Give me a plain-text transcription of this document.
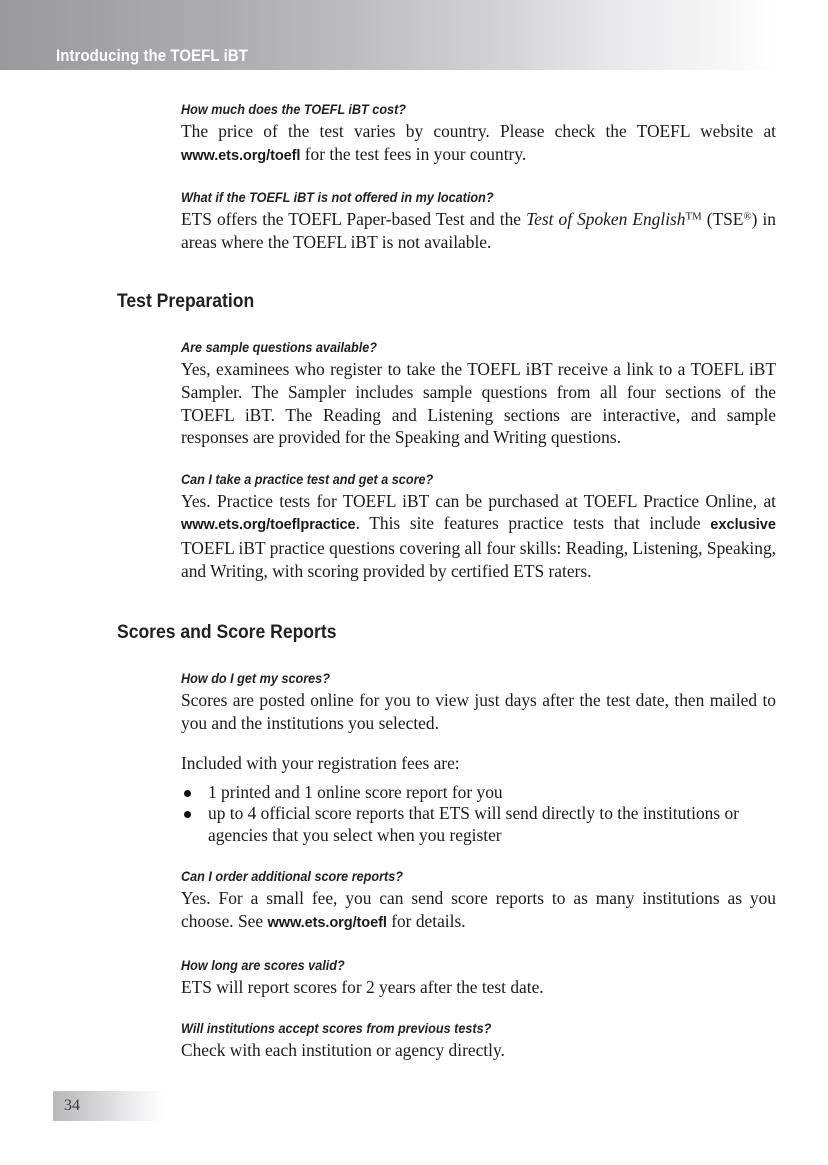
Introducing the TOEFL iBT
How much does the TOEFL iBT cost?

The price of the test varies by country. Please check the TOEFL website at www.ets.org/toefl for the test fees in your country.

What if the TOEFL iBT is not offered in my location?

ETS offers the TOEFL Paper-based Test and the Test of Spoken English™ (TSE®) in areas where the TOEFL iBT is not available.

Test Preparation
Are sample questions available?

Yes, examinees who register to take the TOEFL iBT receive a link to a TOEFL iBT Sampler. The Sampler includes sample questions from all four sections of the TOEFL iBT. The Reading and Listening sections are interactive, and sample responses are provided for the Speaking and Writing questions.

Can I take a practice test and get a score?

Yes. Practice tests for TOEFL iBT can be purchased at TOEFL Practice Online, at www.ets.org/toeflpractice. This site features practice tests that include exclusive TOEFL iBT practice questions covering all four skills: Reading, Listening, Speaking, and Writing, with scoring provided by certified ETS raters.

Scores and Score Reports
How do I get my scores?

Scores are posted online for you to view just days after the test date, then mailed to you and the institutions you selected.

Included with your registration fees are:

1 printed and 1 online score report for you
up to 4 official score reports that ETS will send directly to the institutions or agencies that you select when you register
Can I order additional score reports?

Yes. For a small fee, you can send score reports to as many institutions as you choose. See www.ets.org/toefl for details.

How long are scores valid?

ETS will report scores for 2 years after the test date.

Will institutions accept scores from previous tests?

Check with each institution or agency directly.

34
